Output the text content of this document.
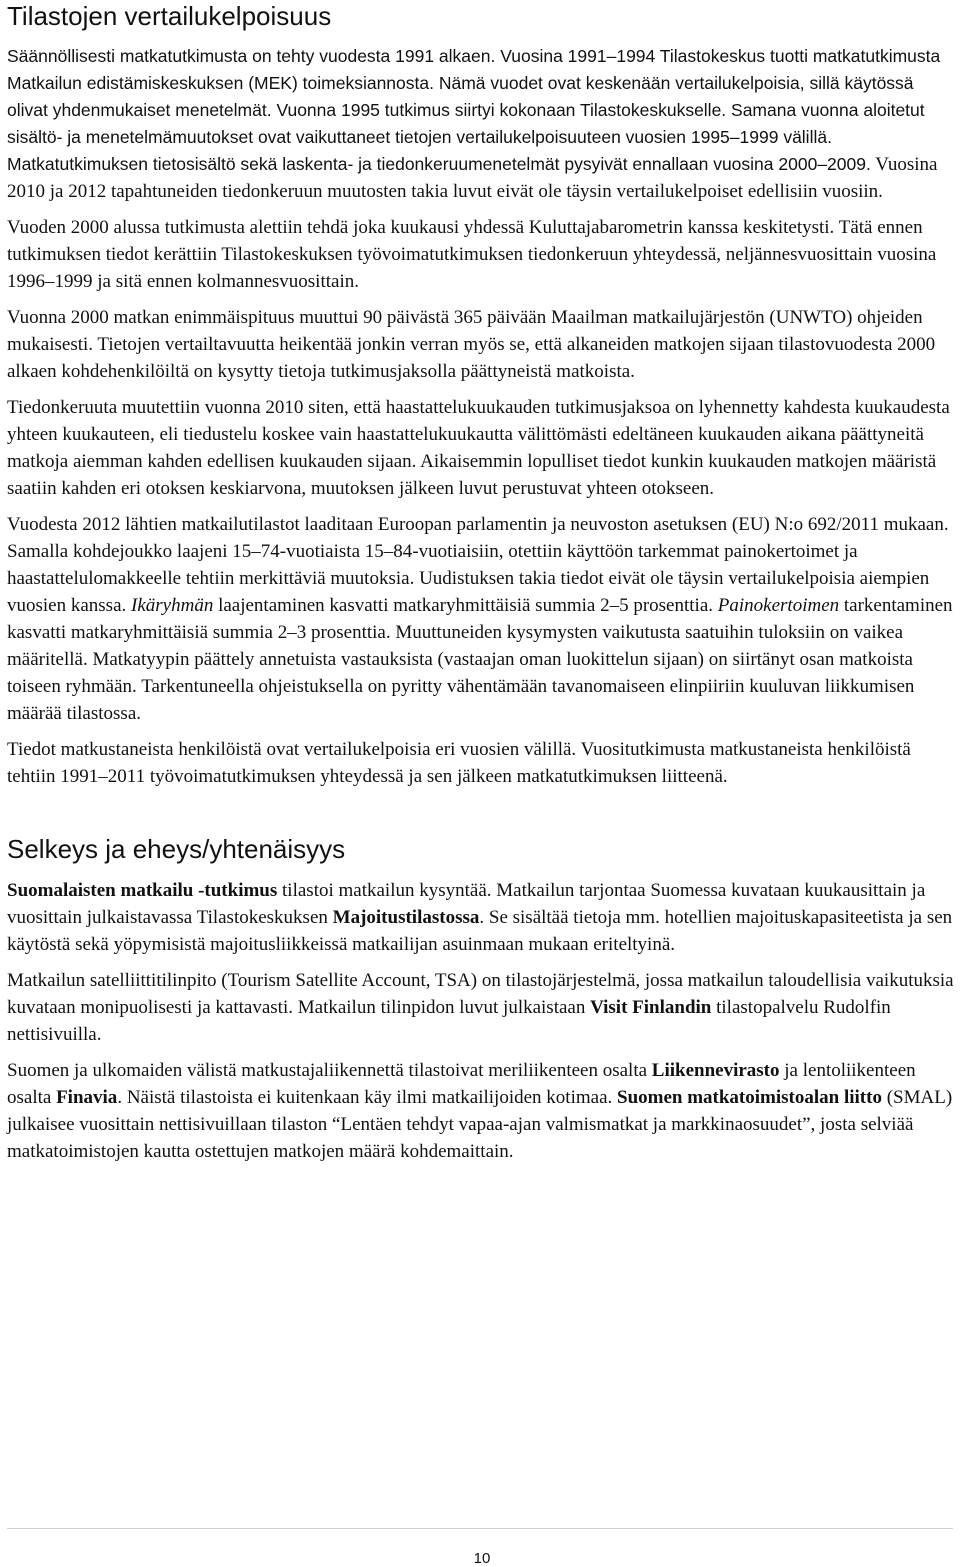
Tilastojen vertailukelpoisuus

Säännöllisesti matkatutkimusta on tehty vuodesta 1991 alkaen. Vuosina 1991–1994 Tilastokeskus tuotti matkatutkimusta Matkailun edistämiskeskuksen (MEK) toimeksiannosta. Nämä vuodet ovat keskenään vertailukelpoisia, sillä käytössä olivat yhdenmukaiset menetelmät. Vuonna 1995 tutkimus siirtyi kokonaan Tilastokeskukselle. Samana vuonna aloitetut sisältö- ja menetelmämuutokset ovat vaikuttaneet tietojen vertailukelpoisuuteen vuosien 1995–1999 välillä. Matkatutkimuksen tietosisältö sekä laskenta- ja tiedonkeruumenetelmät pysyivät ennallaan vuosina 2000–2009. Vuosina 2010 ja 2012 tapahtuneiden tiedonkeruun muutosten takia luvut eivät ole täysin vertailukelpoiset edellisiin vuosiin.

Vuoden 2000 alussa tutkimusta alettiin tehdä joka kuukausi yhdessä Kuluttajabarometrin kanssa keskitetysti. Tätä ennen tutkimuksen tiedot kerättiin Tilastokeskuksen työvoimatutkimuksen tiedonkeruun yhteydessä, neljännesvuosittain vuosina 1996–1999 ja sitä ennen kolmannesvuosittain.

Vuonna 2000 matkan enimmäispituus muuttui 90 päivästä 365 päivään Maailman matkailujärjestön (UNWTO) ohjeiden mukaisesti. Tietojen vertailtavuutta heikentää jonkin verran myös se, että alkaneiden matkojen sijaan tilastovuodesta 2000 alkaen kohdehenkilöiltä on kysytty tietoja tutkimusjaksolla päättyneistä matkoista.

Tiedonkeruuta muutettiin vuonna 2010 siten, että haastattelukuukauden tutkimusjaksoa on lyhennetty kahdesta kuukaudesta yhteen kuukauteen, eli tiedustelu koskee vain haastattelukuukautta välittömästi edeltäneen kuukauden aikana päättyneitä matkoja aiemman kahden edellisen kuukauden sijaan. Aikaisemmin lopulliset tiedot kunkin kuukauden matkojen määristä saatiin kahden eri otoksen keskiarvona, muutoksen jälkeen luvut perustuvat yhteen otokseen.

Vuodesta 2012 lähtien matkailutilastot laaditaan Euroopan parlamentin ja neuvoston asetuksen (EU) N:o 692/2011 mukaan. Samalla kohdejoukko laajeni 15–74-vuotiaista 15–84-vuotiaisiin, otettiin käyttöön tarkemmat painokertoimet ja haastattelulomakkeelle tehtiin merkittäviä muutoksia. Uudistuksen takia tiedot eivät ole täysin vertailukelpoisia aiempien vuosien kanssa. Ikäryhmän laajentaminen kasvatti matkaryhmittäisiä summia 2–5 prosenttia. Painokertoimen tarkentaminen kasvatti matkaryhmittäisiä summia 2–3 prosenttia. Muuttuneiden kysymysten vaikutusta saatuihin tuloksiin on vaikea määritellä. Matkatyypin päättely annetuista vastauksista (vastaajan oman luokittelun sijaan) on siirtänyt osan matkoista toiseen ryhmään. Tarkentuneella ohjeistuksella on pyritty vähentämään tavanomaiseen elinpiiriin kuuluvan liikkumisen määrää tilastossa.

Tiedot matkustaneista henkilöistä ovat vertailukelpoisia eri vuosien välillä. Vuositutkimusta matkustaneista henkilöistä tehtiin 1991–2011 työvoimatutkimuksen yhteydessä ja sen jälkeen matkatutkimuksen liitteenä.

Selkeys ja eheys/yhtenäisyys

Suomalaisten matkailu -tutkimus tilastoi matkailun kysyntää. Matkailun tarjontaa Suomessa kuvataan kuukausittain ja vuosittain julkaistavassa Tilastokeskuksen Majoitustilastossa. Se sisältää tietoja mm. hotellien majoituskapasiteetista ja sen käytöstä sekä yöpymisistä majoitusliikkeissä matkailijan asuinmaan mukaan eriteltyinä.

Matkailun satelliittitilinpito (Tourism Satellite Account, TSA) on tilastojärjestelmä, jossa matkailun taloudellisia vaikutuksia kuvataan monipuolisesti ja kattavasti. Matkailun tilinpidon luvut julkaistaan Visit Finlandin tilastopalvelu Rudolfin nettisivuilla.

Suomen ja ulkomaiden välistä matkustajaliikennettä tilastoivat meriliikenteen osalta Liikennevirasto ja lentoliikenteen osalta Finavia. Näistä tilastoista ei kuitenkaan käy ilmi matkailijoiden kotimaa. Suomen matkatoimistoalan liitto (SMAL) julkaisee vuosittain nettisivuillaan tilaston “Lentäen tehdyt vapaa-ajan valmismatkat ja markkinaosuudet”, josta selviää matkatoimistojen kautta ostettujen matkojen määrä kohdemaittain.

10
